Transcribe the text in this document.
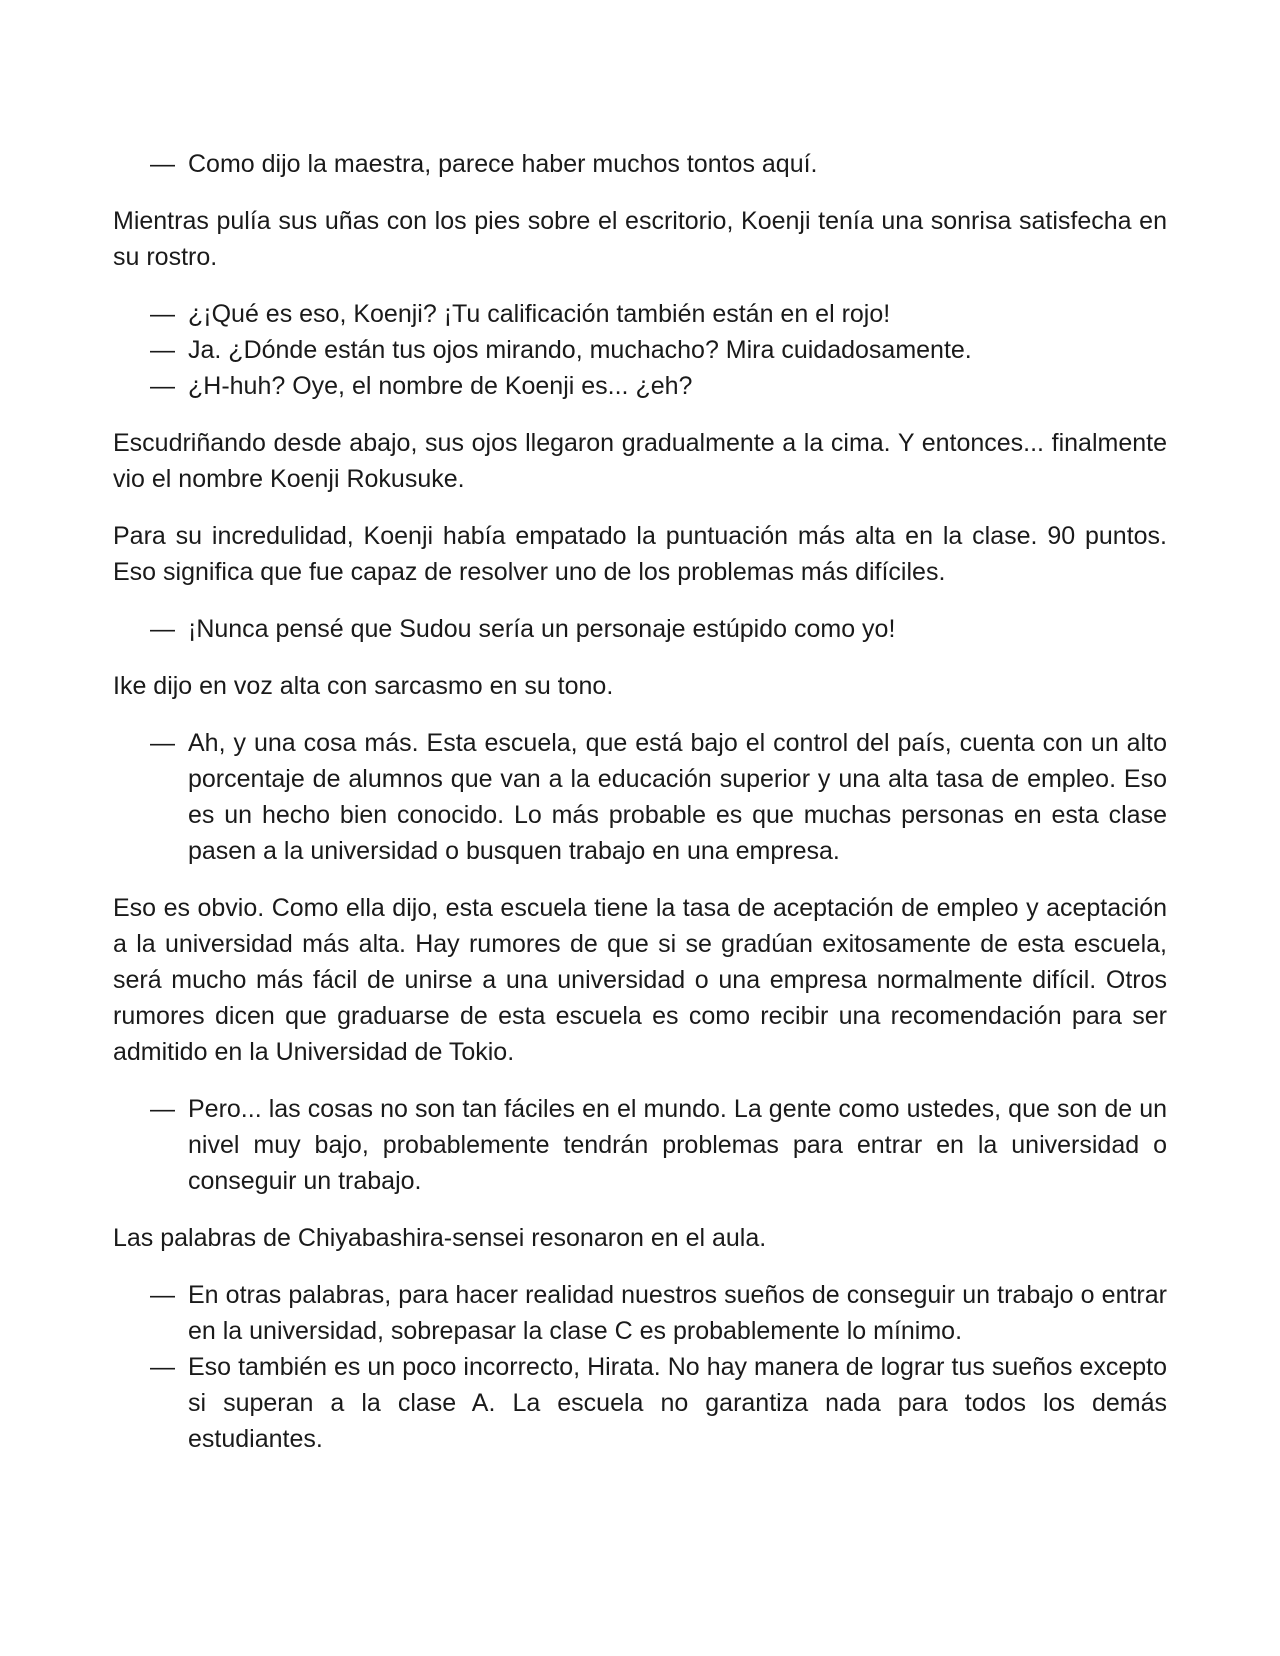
— Como dijo la maestra, parece haber muchos tontos aquí.

Mientras pulía sus uñas con los pies sobre el escritorio, Koenji tenía una sonrisa satisfecha en su rostro.

— ¿¡Qué es eso, Koenji? ¡Tu calificación también están en el rojo!
— Ja. ¿Dónde están tus ojos mirando, muchacho? Mira cuidadosamente.
— ¿H-huh? Oye, el nombre de Koenji es... ¿eh?

Escudriñando desde abajo, sus ojos llegaron gradualmente a la cima. Y entonces... finalmente vio el nombre Koenji Rokusuke.

Para su incredulidad, Koenji había empatado la puntuación más alta en la clase. 90 puntos. Eso significa que fue capaz de resolver uno de los problemas más difíciles.

— ¡Nunca pensé que Sudou sería un personaje estúpido como yo!

Ike dijo en voz alta con sarcasmo en su tono.

— Ah, y una cosa más. Esta escuela, que está bajo el control del país, cuenta con un alto porcentaje de alumnos que van a la educación superior y una alta tasa de empleo. Eso es un hecho bien conocido. Lo más probable es que muchas personas en esta clase pasen a la universidad o busquen trabajo en una empresa.

Eso es obvio. Como ella dijo, esta escuela tiene la tasa de aceptación de empleo y aceptación a la universidad más alta. Hay rumores de que si se gradúan exitosamente de esta escuela, será mucho más fácil de unirse a una universidad o una empresa normalmente difícil. Otros rumores dicen que graduarse de esta escuela es como recibir una recomendación para ser admitido en la Universidad de Tokio.

— Pero... las cosas no son tan fáciles en el mundo. La gente como ustedes, que son de un nivel muy bajo, probablemente tendrán problemas para entrar en la universidad o conseguir un trabajo.

Las palabras de Chiyabashira-sensei resonaron en el aula.

— En otras palabras, para hacer realidad nuestros sueños de conseguir un trabajo o entrar en la universidad, sobrepasar la clase C es probablemente lo mínimo.
— Eso también es un poco incorrecto, Hirata. No hay manera de lograr tus sueños excepto si superan a la clase A. La escuela no garantiza nada para todos los demás estudiantes.
